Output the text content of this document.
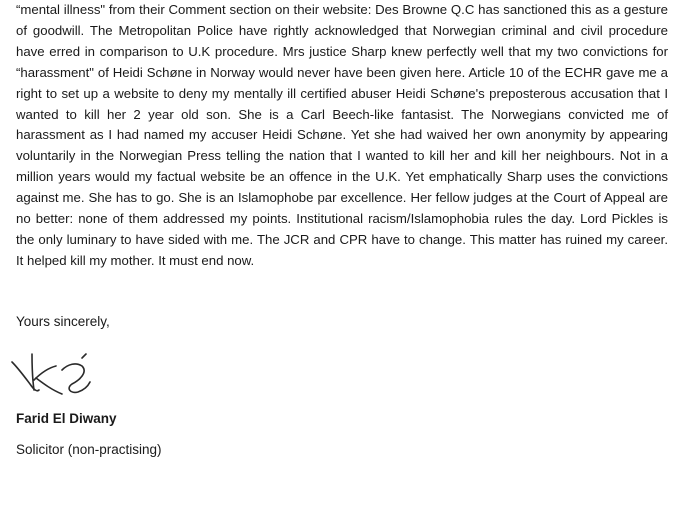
“mental illness" from their Comment section on their website: Des Browne Q.C has sanctioned this as a gesture of goodwill. The Metropolitan Police have rightly acknowledged that Norwegian criminal and civil procedure have erred in comparison to U.K procedure. Mrs justice Sharp knew perfectly well that my two convictions for “harassment" of Heidi Schøne in Norway would never have been given here. Article 10 of the ECHR gave me a right to set up a website to deny my mentally ill certified abuser Heidi Schøne's preposterous accusation that I wanted to kill her 2 year old son. She is a Carl Beech-like fantasist. The Norwegians convicted me of harassment as I had named my accuser Heidi Schøne. Yet she had waived her own anonymity by appearing voluntarily in the Norwegian Press telling the nation that I wanted to kill her and kill her neighbours. Not in a million years would my factual website be an offence in the U.K. Yet emphatically Sharp uses the convictions against me. She has to go. She is an Islamophobe par excellence. Her fellow judges at the Court of Appeal are no better: none of them addressed my points. Institutional racism/Islamophobia rules the day. Lord Pickles is the only luminary to have sided with me. The JCR and CPR have to change. This matter has ruined my career. It helped kill my mother. It must end now.

Yours sincerely,

Farid El Diwany

Solicitor (non-practising)
